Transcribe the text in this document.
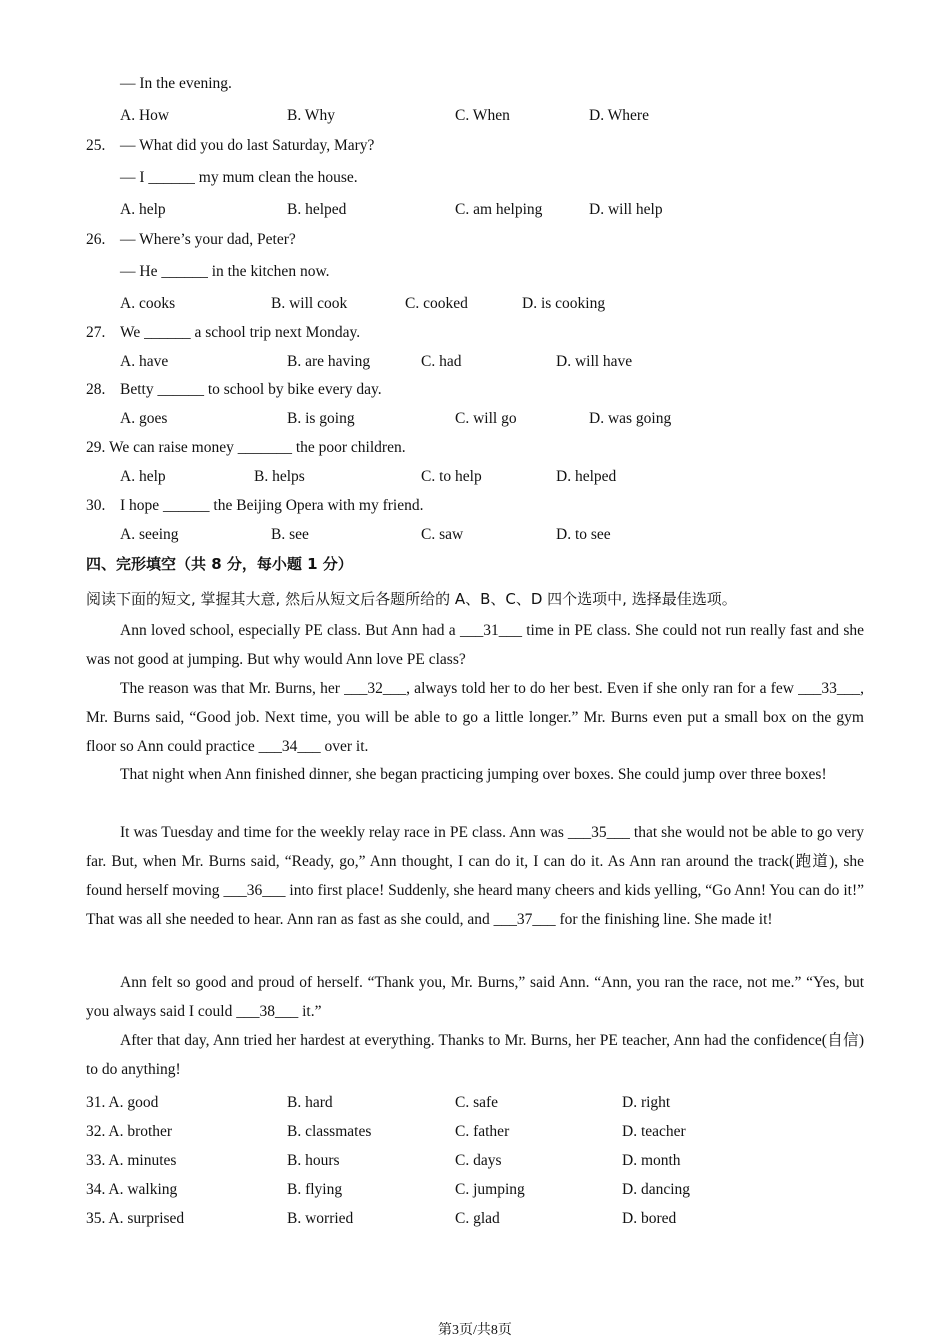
— In the evening.
A. How	B. Why	C. When	D. Where
25. — What did you do last Saturday, Mary?
— I ______ my mum clean the house.
A. help	B. helped	C. am helping	D. will help
26. — Where’s your dad, Peter?
— He ______ in the kitchen now.
A. cooks	B. will cook	C. cooked	D. is cooking
27. We ______ a school trip next Monday.
A. have	B. are having	C. had	D. will have
28. Betty ______ to school by bike every day.
A. goes	B. is going	C. will go	D. was going
29. We can raise money _______ the poor children.
A. help	B. helps	C. to help	D. helped
30. I hope ______ the Beijing Opera with my friend.
A. seeing	B. see	C. saw	D. to see
四、完形填空（共 8 分，每小题 1 分）
阅读下面的短文, 掌握其大意, 然后从短文后各题所给的 A、B、C、D 四个选项中, 选择最佳选项。
Ann loved school, especially PE class. But Ann had a ___31___ time in PE class. She could not run really fast and she was not good at jumping. But why would Ann love PE class?
The reason was that Mr. Burns, her ___32___, always told her to do her best. Even if she only ran for a few ___33___, Mr. Burns said, “Good job. Next time, you will be able to go a little longer.” Mr. Burns even put a small box on the gym floor so Ann could practice ___34___ over it.
That night when Ann finished dinner, she began practicing jumping over boxes. She could jump over three boxes!
It was Tuesday and time for the weekly relay race in PE class. Ann was ___35___ that she would not be able to go very far. But, when Mr. Burns said, “Ready, go,” Ann thought, I can do it, I can do it. As Ann ran around the track(跑道), she found herself moving ___36___ into first place! Suddenly, she heard many cheers and kids yelling, “Go Ann! You can do it!” That was all she needed to hear. Ann ran as fast as she could, and ___37___ for the finishing line. She made it!
Ann felt so good and proud of herself. “Thank you, Mr. Burns,” said Ann. “Ann, you ran the race, not me.” “Yes, but you always said I could ___38___ it.”
After that day, Ann tried her hardest at everything. Thanks to Mr. Burns, her PE teacher, Ann had the confidence(自信) to do anything!
31. A. good	B. hard	C. safe	D. right
32. A. brother	B. classmates	C. father	D. teacher
33. A. minutes	B. hours	C. days	D. month
34. A. walking	B. flying	C. jumping	D. dancing
35. A. surprised	B. worried	C. glad	D. bored
第3页/共8页
